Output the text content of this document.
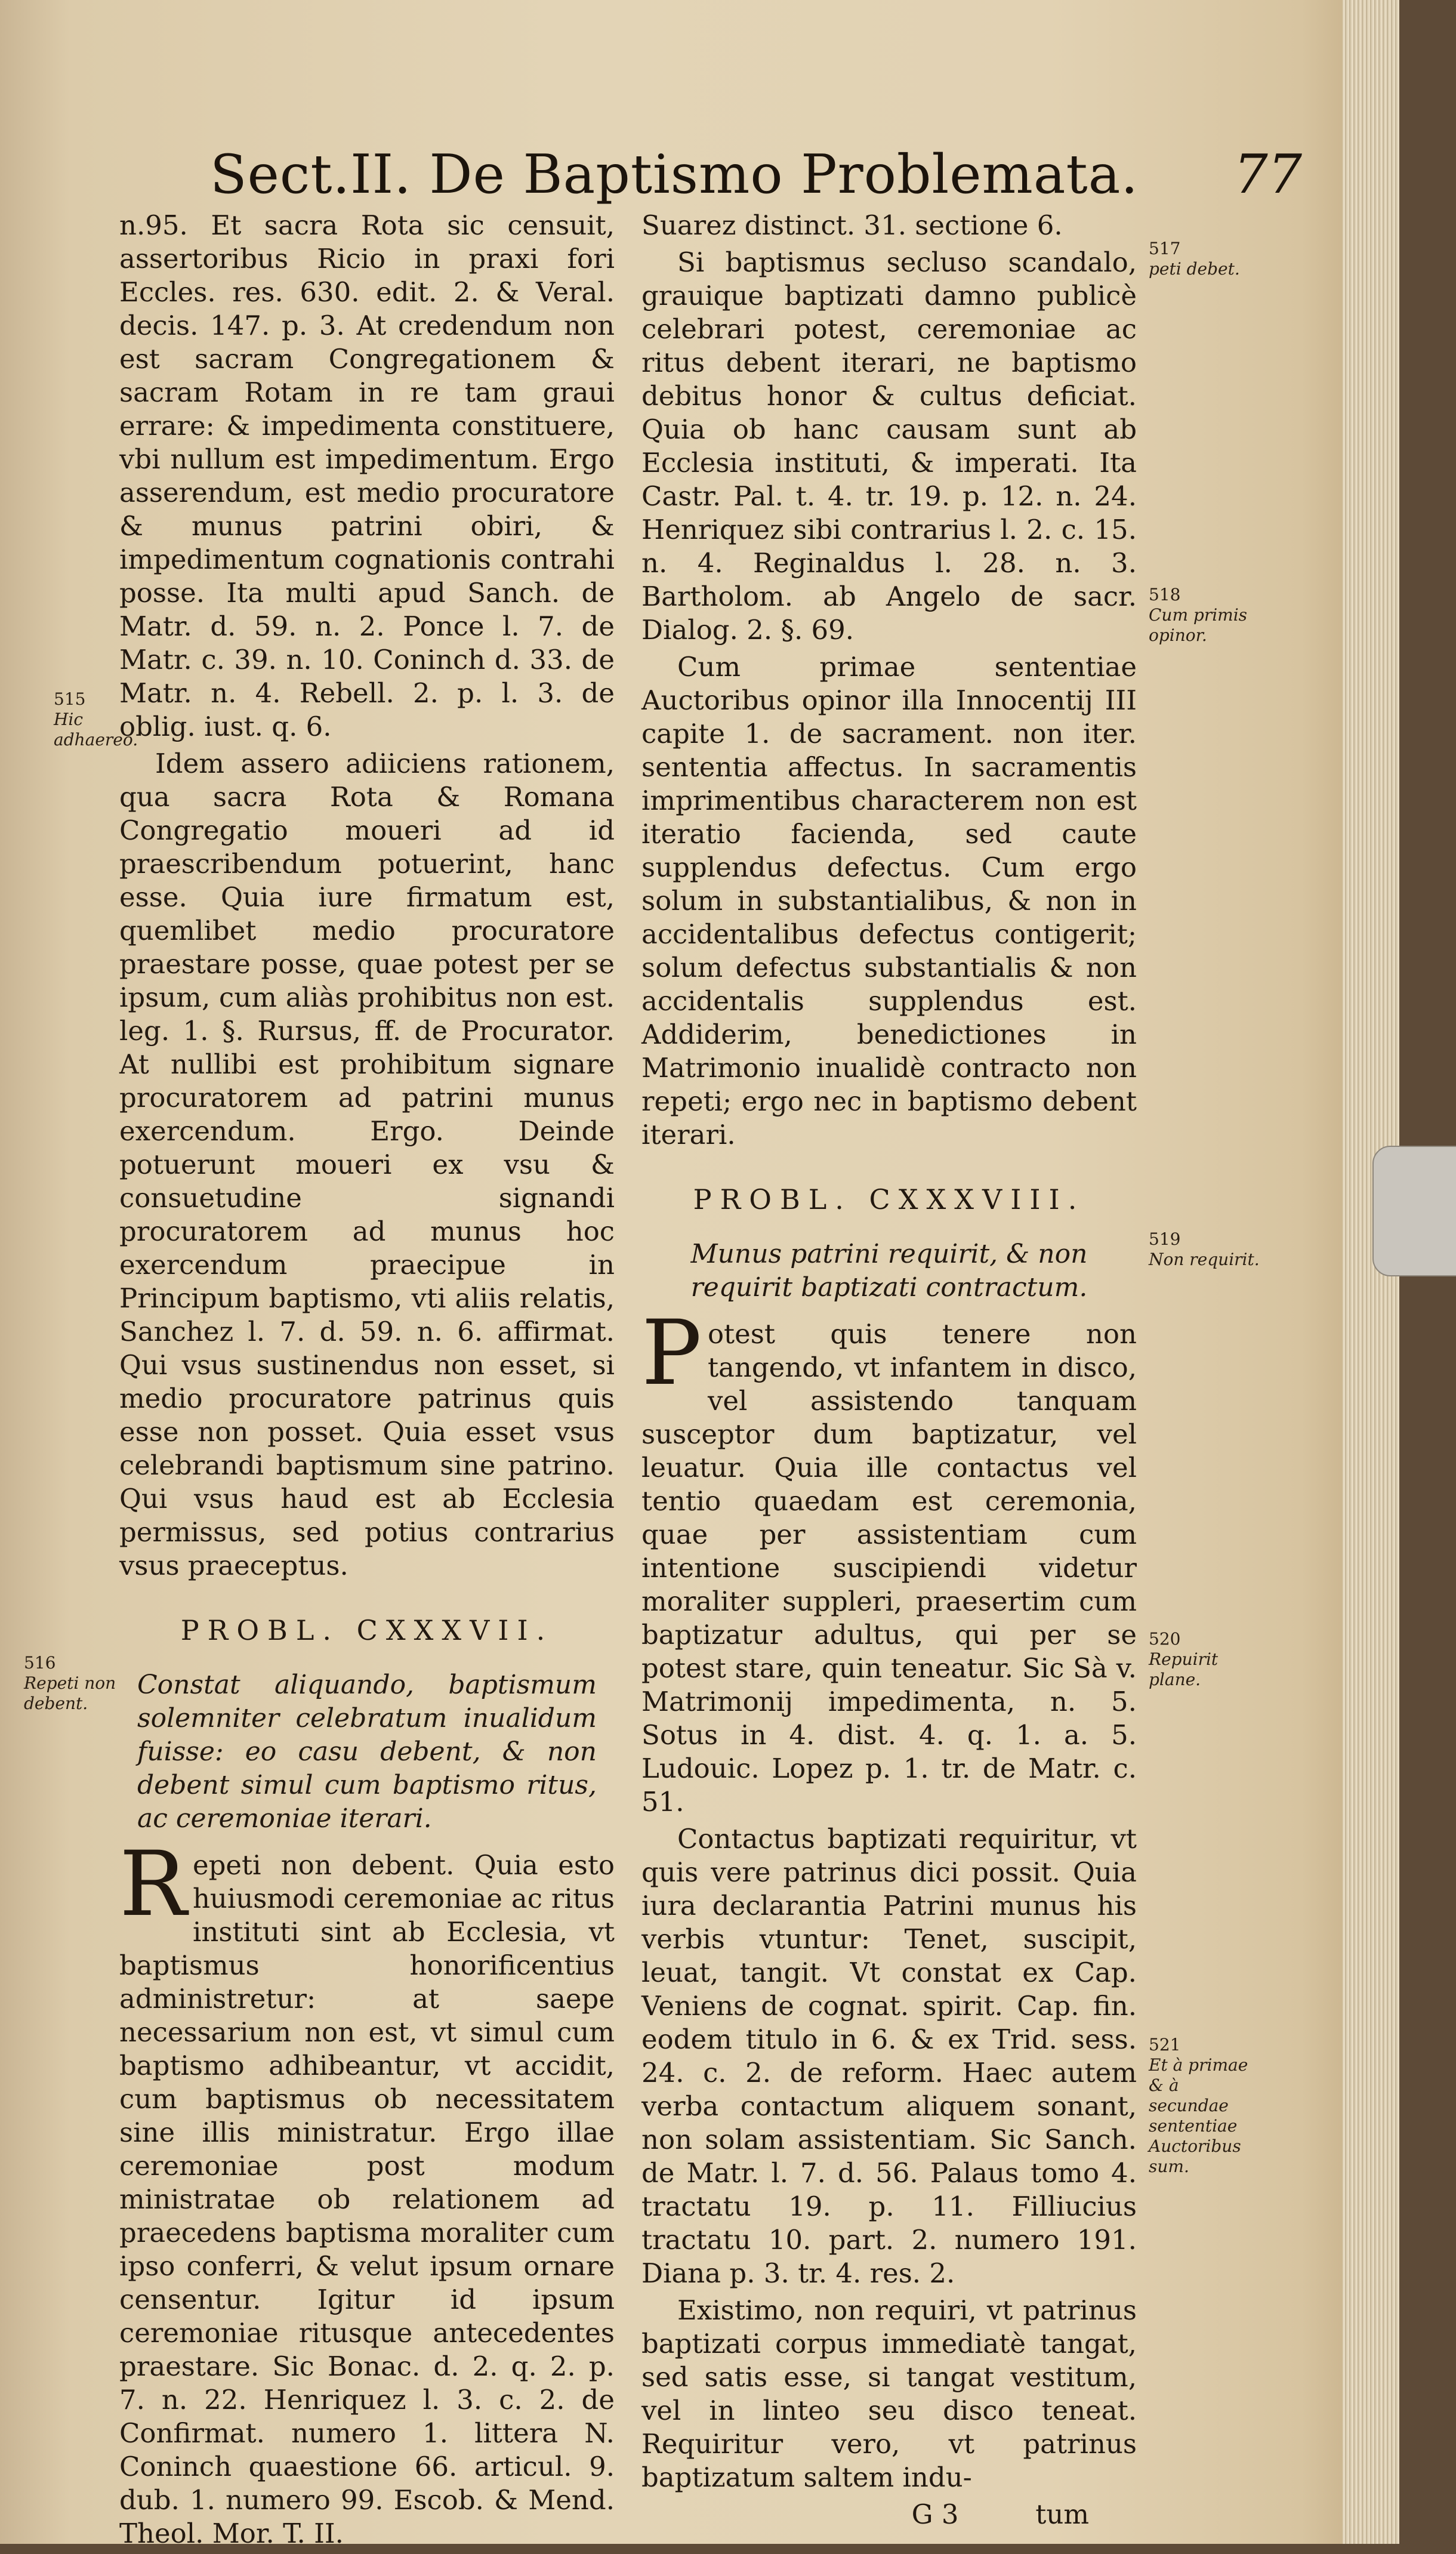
Sect.II. De Baptismo Problemata. 77

n.95. Et sacra Rota sic censuit, assertoribus Ricio in praxi fori Eccles. res. 630. edit. 2. & Veral. decis. 147. p. 3. At credendum non est sacram Congregationem & sacram Rotam in re tam graui errare: & impedimenta constituere, vbi nullum est impedimentum. Ergo asserendum, est medio procuratore & munus patrini obiri, & impedimentum cognationis contrahi posse. Ita multi apud Sanch. de Matr. d. 59. n. 2. Ponce l. 7. de Matr. c. 39. n. 10. Coninch d. 33. de Matr. n. 4. Rebell. 2. p. l. 3. de oblig. iust. q. 6.

Idem assero adiiciens rationem, qua sacra Rota & Romana Congregatio moueri ad id praescribendum potuerint, hanc esse. Quia iure firmatum est, quemlibet medio procuratore praestare posse, quae potest per se ipsum, cum aliàs prohibitus non est. leg. 1. §. Rursus, ff. de Procurator. At nullibi est prohibitum signare procuratorem ad patrini munus exercendum. Ergo. Deinde potuerunt moueri ex vsu & consuetudine signandi procuratorem ad munus hoc exercendum praecipue in Principum baptismo, vti aliis relatis, Sanchez l. 7. d. 59. n. 6. affirmat. Qui vsus sustinendus non esset, si medio procuratore patrinus quis esse non posset. Quia esset vsus celebrandi baptismum sine patrino. Qui vsus haud est ab Ecclesia permissus, sed potius contrarius vsus praeceptus.

PROBL. CXXXVII.
Constat aliquando, baptismum solemniter celebratum inualidum fuisse: eo casu debent, & non debent simul cum baptismo ritus, ac ceremoniae iterari.

Repeti non debent. Quia esto huiusmodi ceremoniae ac ritus instituti sint ab Ecclesia, vt baptismus honorificentius administretur: at saepe necessarium non est, vt simul cum baptismo adhibeantur, vt accidit, cum baptismus ob necessitatem sine illis ministratur. Ergo illae ceremoniae post modum ministratae ob relationem ad praecedens baptisma moraliter cum ipso conferri, & velut ipsum ornare censentur. Igitur id ipsum ceremoniae ritusque antecedentes praestare. Sic Bonac. d. 2. q. 2. p. 7. n. 22. Henriquez l. 3. c. 2. de Confirmat. numero 1. littera N. Coninch quaestione 66. articul. 9. dub. 1. numero 99. Escob. & Mend. Theol. Mor. T. II.

Suarez distinct. 31. sectione 6.

Si baptismus secluso scandalo, grauique baptizati damno publicè celebrari potest, ceremoniae ac ritus debent iterari, ne baptismo debitus honor & cultus deficiat. Quia ob hanc causam sunt ab Ecclesia instituti, & imperati. Ita Castr. Pal. t. 4. tr. 19. p. 12. n. 24. Henriquez sibi contrarius l. 2. c. 15. n. 4. Reginaldus l. 28. n. 3. Bartholom. ab Angelo de sacr. Dialog. 2. §. 69.

Cum primae sententiae Auctoribus opinor illa Innocentij III capite 1. de sacrament. non iter. sententia affectus. In sacramentis imprimentibus characterem non est iteratio facienda, sed caute supplendus defectus. Cum ergo solum in substantialibus, & non in accidentalibus defectus contigerit; solum defectus substantialis & non accidentalis supplendus est. Addiderim, benedictiones in Matrimonio inualidè contracto non repeti; ergo nec in baptismo debent iterari.

PROBL. CXXXVIII.
Munus patrini requirit, & non requirit baptizati contractum.

Potest quis tenere non tangendo, vt infantem in disco, vel assistendo tanquam susceptor dum baptizatur, vel leuatur. Quia ille contactus vel tentio quaedam est ceremonia, quae per assistentiam cum intentione suscipiendi videtur moraliter suppleri, praesertim cum baptizatur adultus, qui per se potest stare, quin teneatur. Sic Sà v. Matrimonij impedimenta, n. 5. Sotus in 4. dist. 4. q. 1. a. 5. Ludouic. Lopez p. 1. tr. de Matr. c. 51.

Contactus baptizati requiritur, vt quis vere patrinus dici possit. Quia iura declarantia Patrini munus his verbis vtuntur: Tenet, suscipit, leuat, tangit. Vt constat ex Cap. Veniens de cognat. spirit. Cap. fin. eodem titulo in 6. & ex Trid. sess. 24. c. 2. de reform. Haec autem verba contactum aliquem sonant, non solam assistentiam. Sic Sanch. de Matr. l. 7. d. 56. Palaus tomo 4. tractatu 19. p. 11. Filliucius tractatu 10. part. 2. numero 191. Diana p. 3. tr. 4. res. 2.

Existimo, non requiri, vt patrinus baptizati corpus immediatè tangat, sed satis esse, si tangat vestitum, vel in linteo seu disco teneat. Requiritur vero, vt patrinus baptizatum saltem indu-

G 3	tum
515
Hic adhaereo.
516
Repeti non debent.
517
peti debet.
518
Cum primis opinor.
519
Non requirit.
520
Repuirit plane.
521
Et à primae & à secundae sententiae Auctoribus sum.
